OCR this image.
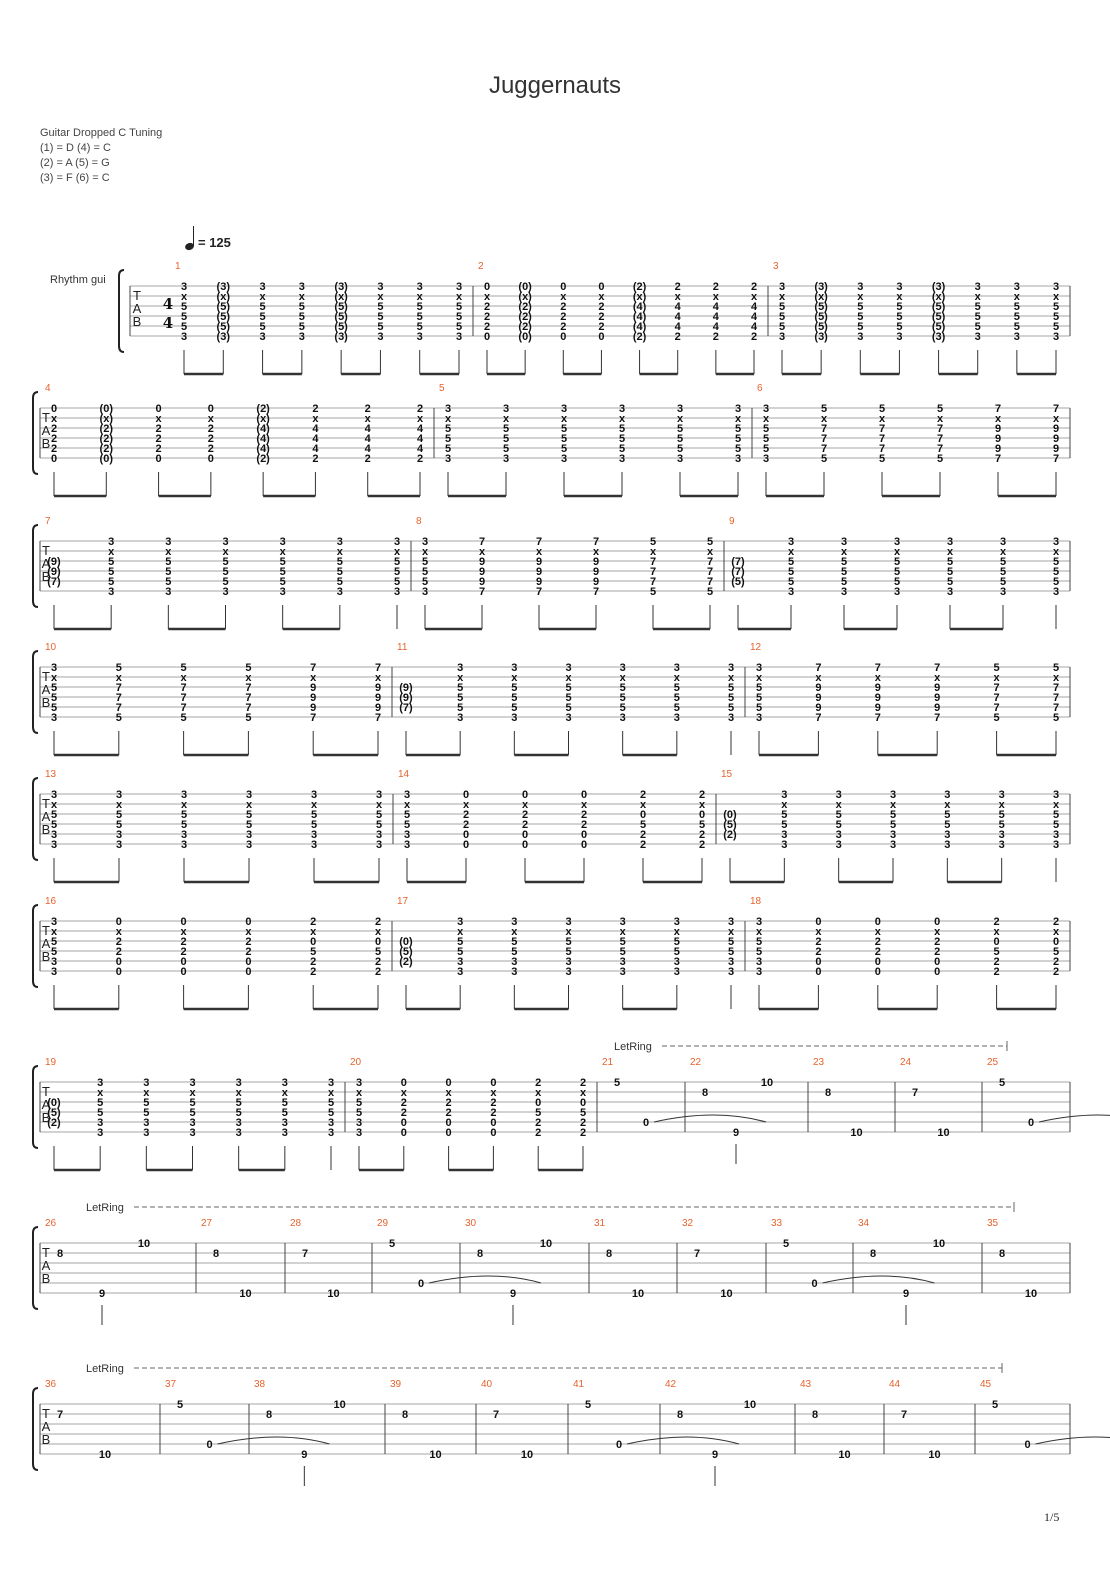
Juggernauts
Guitar Dropped C Tuning
(1) = D (4) = C
(2) = A (5) = G
(3) = F (6) = C
= 125
Rhythm gui
1/5
T
A
B
4
4
1
3
x
5
5
5
3
(3)
(x)
(5)
(5)
(5)
(3)
3
x
5
5
5
3
3
x
5
5
5
3
(3)
(x)
(5)
(5)
(5)
(3)
3
x
5
5
5
3
3
x
5
5
5
3
3
x
5
5
5
3
2
0
x
2
2
2
0
(0)
(x)
(2)
(2)
(2)
(0)
0
x
2
2
2
0
0
x
2
2
2
0
(2)
(x)
(4)
(4)
(4)
(2)
2
x
4
4
4
2
2
x
4
4
4
2
2
x
4
4
4
2
3
3
x
5
5
5
3
(3)
(x)
(5)
(5)
(5)
(3)
3
x
5
5
5
3
3
x
5
5
5
3
(3)
(x)
(5)
(5)
(5)
(3)
3
x
5
5
5
3
3
x
5
5
5
3
3
x
5
5
5
3
T
A
B
4
0
x
2
2
2
0
(0)
(x)
(2)
(2)
(2)
(0)
0
x
2
2
2
0
0
x
2
2
2
0
(2)
(x)
(4)
(4)
(4)
(2)
2
x
4
4
4
2
2
x
4
4
4
2
2
x
4
4
4
2
5
3
x
5
5
5
3
3
x
5
5
5
3
3
x
5
5
5
3
3
x
5
5
5
3
3
x
5
5
5
3
3
x
5
5
5
3
6
3
x
5
5
5
3
5
x
7
7
7
5
5
x
7
7
7
5
5
x
7
7
7
5
7
x
9
9
9
7
7
x
9
9
9
7
T
A
B
7
(9)
(9)
(7)
3
x
5
5
5
3
3
x
5
5
5
3
3
x
5
5
5
3
3
x
5
5
5
3
3
x
5
5
5
3
3
x
5
5
5
3
8
3
x
5
5
5
3
7
x
9
9
9
7
7
x
9
9
9
7
7
x
9
9
9
7
5
x
7
7
7
5
5
x
7
7
7
5
9
(7)
(7)
(5)
3
x
5
5
5
3
3
x
5
5
5
3
3
x
5
5
5
3
3
x
5
5
5
3
3
x
5
5
5
3
3
x
5
5
5
3
T
A
B
10
3
x
5
5
5
3
5
x
7
7
7
5
5
x
7
7
7
5
5
x
7
7
7
5
7
x
9
9
9
7
7
x
9
9
9
7
11
(9)
(9)
(7)
3
x
5
5
5
3
3
x
5
5
5
3
3
x
5
5
5
3
3
x
5
5
5
3
3
x
5
5
5
3
3
x
5
5
5
3
12
3
x
5
5
5
3
7
x
9
9
9
7
7
x
9
9
9
7
7
x
9
9
9
7
5
x
7
7
7
5
5
x
7
7
7
5
T
A
B
13
3
x
5
5
3
3
3
x
5
5
3
3
3
x
5
5
3
3
3
x
5
5
3
3
3
x
5
5
3
3
3
x
5
5
3
3
14
3
x
5
5
3
3
0
x
2
2
0
0
0
x
2
2
0
0
0
x
2
2
0
0
2
x
0
5
2
2
2
x
0
5
2
2
15
(0)
(5)
(2)
3
x
5
5
3
3
3
x
5
5
3
3
3
x
5
5
3
3
3
x
5
5
3
3
3
x
5
5
3
3
3
x
5
5
3
3
T
A
B
16
3
x
5
5
3
3
0
x
2
2
0
0
0
x
2
2
0
0
0
x
2
2
0
0
2
x
0
5
2
2
2
x
0
5
2
2
17
(0)
(5)
(2)
3
x
5
5
3
3
3
x
5
5
3
3
3
x
5
5
3
3
3
x
5
5
3
3
3
x
5
5
3
3
3
x
5
5
3
3
18
3
x
5
5
3
3
0
x
2
2
0
0
0
x
2
2
0
0
0
x
2
2
0
0
2
x
0
5
2
2
2
x
0
5
2
2
T
A
B
LetRing
19
(0)
(5)
(2)
3
x
5
5
3
3
3
x
5
5
3
3
3
x
5
5
3
3
3
x
5
5
3
3
3
x
5
5
3
3
3
x
5
5
3
3
20
3
x
5
5
3
3
0
x
2
2
0
0
0
x
2
2
0
0
0
x
2
2
0
0
2
x
0
5
2
2
2
x
0
5
2
2
21
5
0
22
8
9
10
23
8
10
24
7
10
25
5
0
T
A
B
LetRing
26
8
9
10
27
8
10
28
7
10
29
5
0
30
8
9
10
31
8
10
32
7
10
33
5
0
34
8
9
10
35
8
10
T
A
B
LetRing
36
7
10
37
5
0
38
8
9
10
39
8
10
40
7
10
41
5
0
42
8
9
10
43
8
10
44
7
10
45
5
0
